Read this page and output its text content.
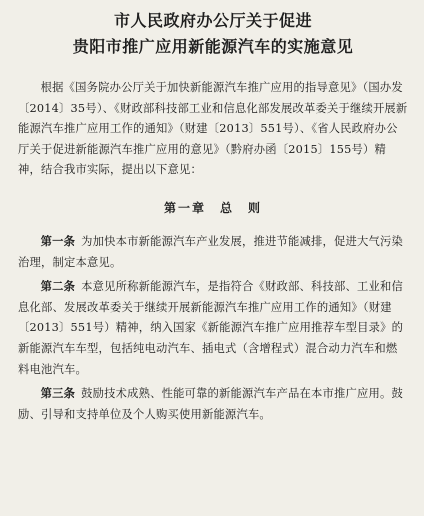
市人民政府办公厅关于促进
贵阳市推广应用新能源汽车的实施意见

根据《国务院办公厅关于加快新能源汽车推广应用的指导意见》（国办发〔2014〕35号）、《财政部科技部工业和信息化部发展改革委关于继续开展新能源汽车推广应用工作的通知》（财建〔2013〕551号）、《省人民政府办公厅关于促进新能源汽车推广应用的意见》（黔府办函〔2015〕155号）精神，结合我市实际，提出以下意见：

第一章　总　则

第一条 为加快本市新能源汽车产业发展，推进节能减排，促进大气污染治理，制定本意见。

第二条 本意见所称新能源汽车，是指符合《财政部、科技部、工业和信息化部、发展改革委关于继续开展新能源汽车推广应用工作的通知》（财建〔2013〕551号）精神，纳入国家《新能源汽车推广应用推荐车型目录》的新能源汽车车型，包括纯电动汽车、插电式（含增程式）混合动力汽车和燃料电池汽车。

第三条 鼓励技术成熟、性能可靠的新能源汽车产品在本市推广应用。鼓励、引导和支持单位及个人购买使用新能源汽车。
